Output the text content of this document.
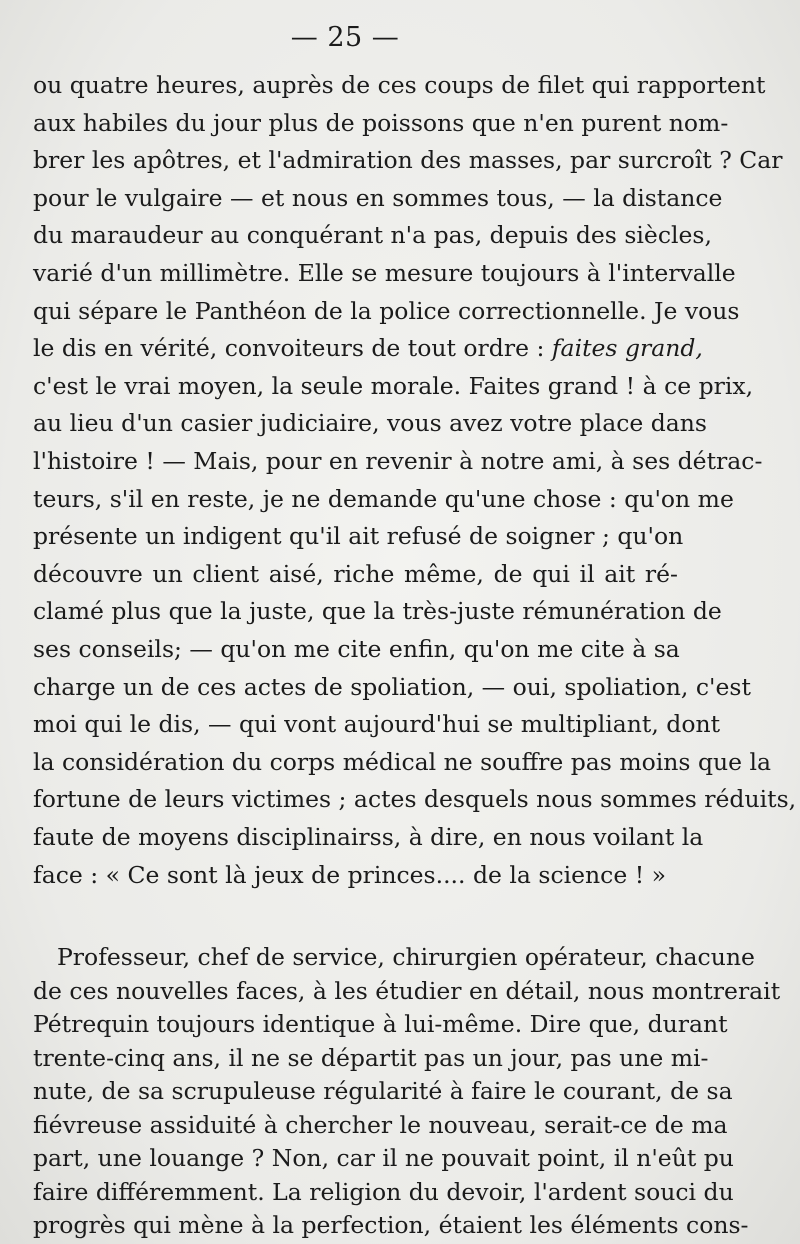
— 25 —
ou quatre heures, auprès de ces coups de filet qui rapportent
aux habiles du jour plus de poissons que n'en purent nom-
brer les apôtres, et l'admiration des masses, par surcroît ? Car
pour le vulgaire — et nous en sommes tous, — la distance
du maraudeur au conquérant n'a pas, depuis des siècles,
varié d'un millimètre. Elle se mesure toujours à l'intervalle
qui sépare le Panthéon de la police correctionnelle. Je vous
le dis en vérité, convoiteurs de tout ordre : faites grand,
c'est le vrai moyen, la seule morale. Faites grand ! à ce prix,
au lieu d'un casier judiciaire, vous avez votre place dans
l'histoire ! — Mais, pour en revenir à notre ami, à ses détrac-
teurs, s'il en reste, je ne demande qu'une chose : qu'on me
présente un indigent qu'il ait refusé de soigner ; qu'on
découvre un client aisé, riche même, de qui il ait ré-
clamé plus que la juste, que la très-juste rémunération de
ses conseils; — qu'on me cite enfin, qu'on me cite à sa
charge un de ces actes de spoliation, — oui, spoliation, c'est
moi qui le dis, — qui vont aujourd'hui se multipliant, dont
la considération du corps médical ne souffre pas moins que la
fortune de leurs victimes ; actes desquels nous sommes réduits,
faute de moyens disciplinairss, à dire, en nous voilant la
face : « Ce sont là jeux de princes.... de la science ! »
Professeur, chef de service, chirurgien opérateur, chacune
de ces nouvelles faces, à les étudier en détail, nous montrerait
Pétrequin toujours identique à lui-même. Dire que, durant
trente-cinq ans, il ne se départit pas un jour, pas une mi-
nute, de sa scrupuleuse régularité à faire le courant, de sa
fiévreuse assiduité à chercher le nouveau, serait-ce de ma
part, une louange ? Non, car il ne pouvait point, il n'eût pu
faire différemment. La religion du devoir, l'ardent souci du
progrès qui mène à la perfection, étaient les éléments cons-
